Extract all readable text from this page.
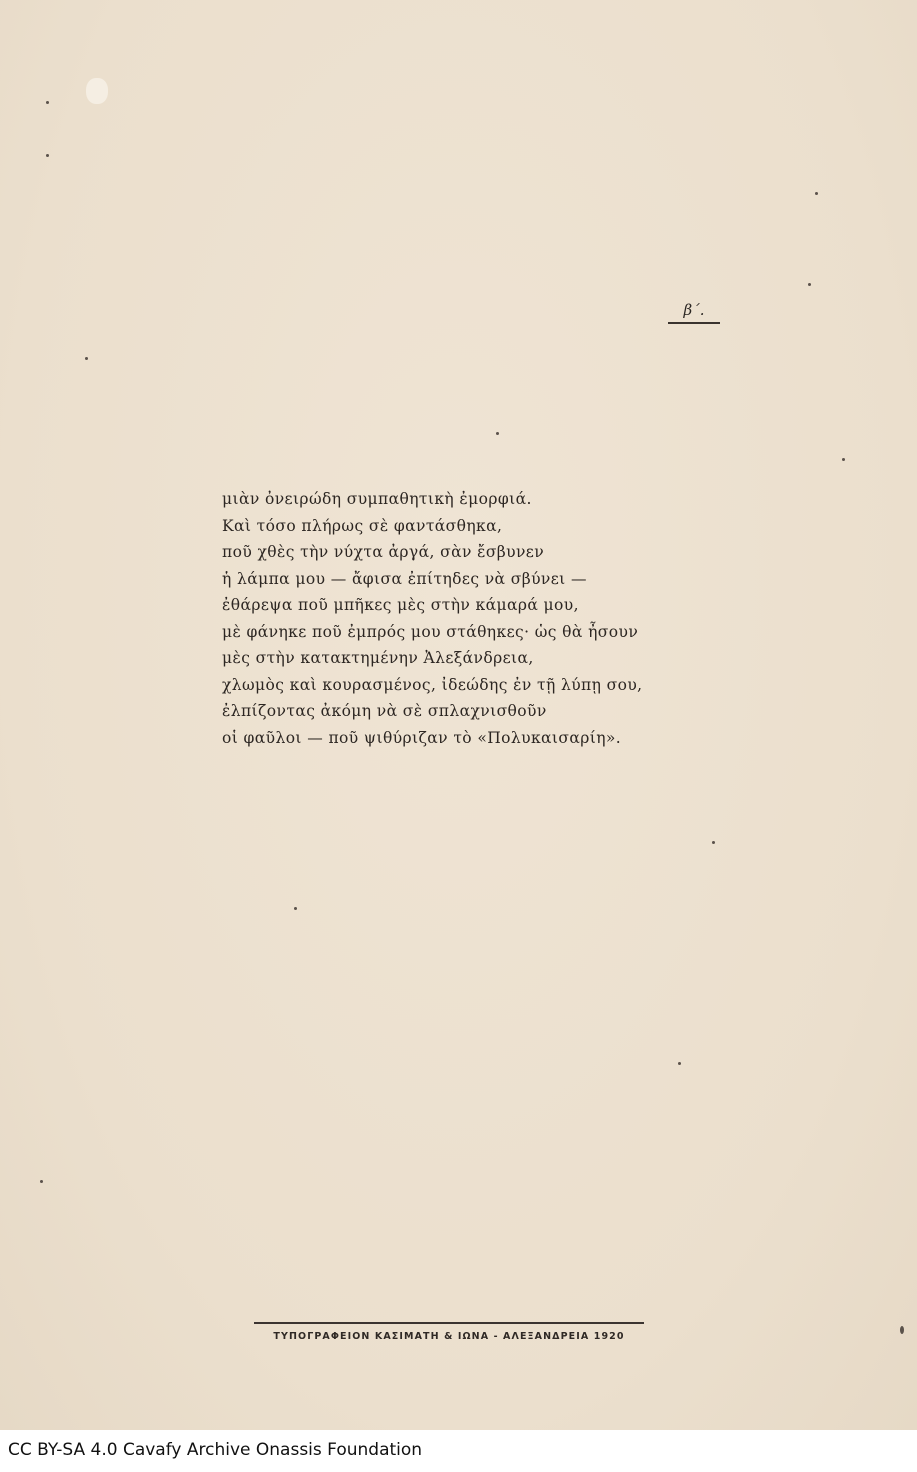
β΄.
μιὰν ὀνειρώδη συμπαθητικὴ ἐμορφιά.
Καὶ τόσο πλήρως σὲ φαντάσθηκα,
ποῦ χθὲς τὴν νύχτα ἀργά, σὰν ἔσβυνεν
ἡ λάμπα μου — ἄφισα ἐπίτηδες νὰ σβύνει —
ἐθάρεψα ποῦ μπῆκες μὲς στὴν κάμαρά μου,
μὲ φάνηκε ποῦ ἐμπρός μου στάθηκες· ὡς θὰ ἦσουν
μὲς στὴν κατακτημένην Ἀλεξάνδρεια,
χλωμὸς καὶ κουρασμένος, ἰδεώδης ἐν τῇ λύπῃ σου,
ἐλπίζοντας ἀκόμη νὰ σὲ σπλαχνισθοῦν
οἱ φαῦλοι — ποῦ ψιθύριζαν τὸ «Πολυκαισαρίη».
ΤΥΠΟΓΡΑΦΕΙΟΝ ΚΑΣΙΜΑΤΗ & ΙΩΝΑ - ΑΛΕΞΑΝΔΡΕΙΑ 1920
CC BY-SA 4.0 Cavafy Archive Onassis Foundation
